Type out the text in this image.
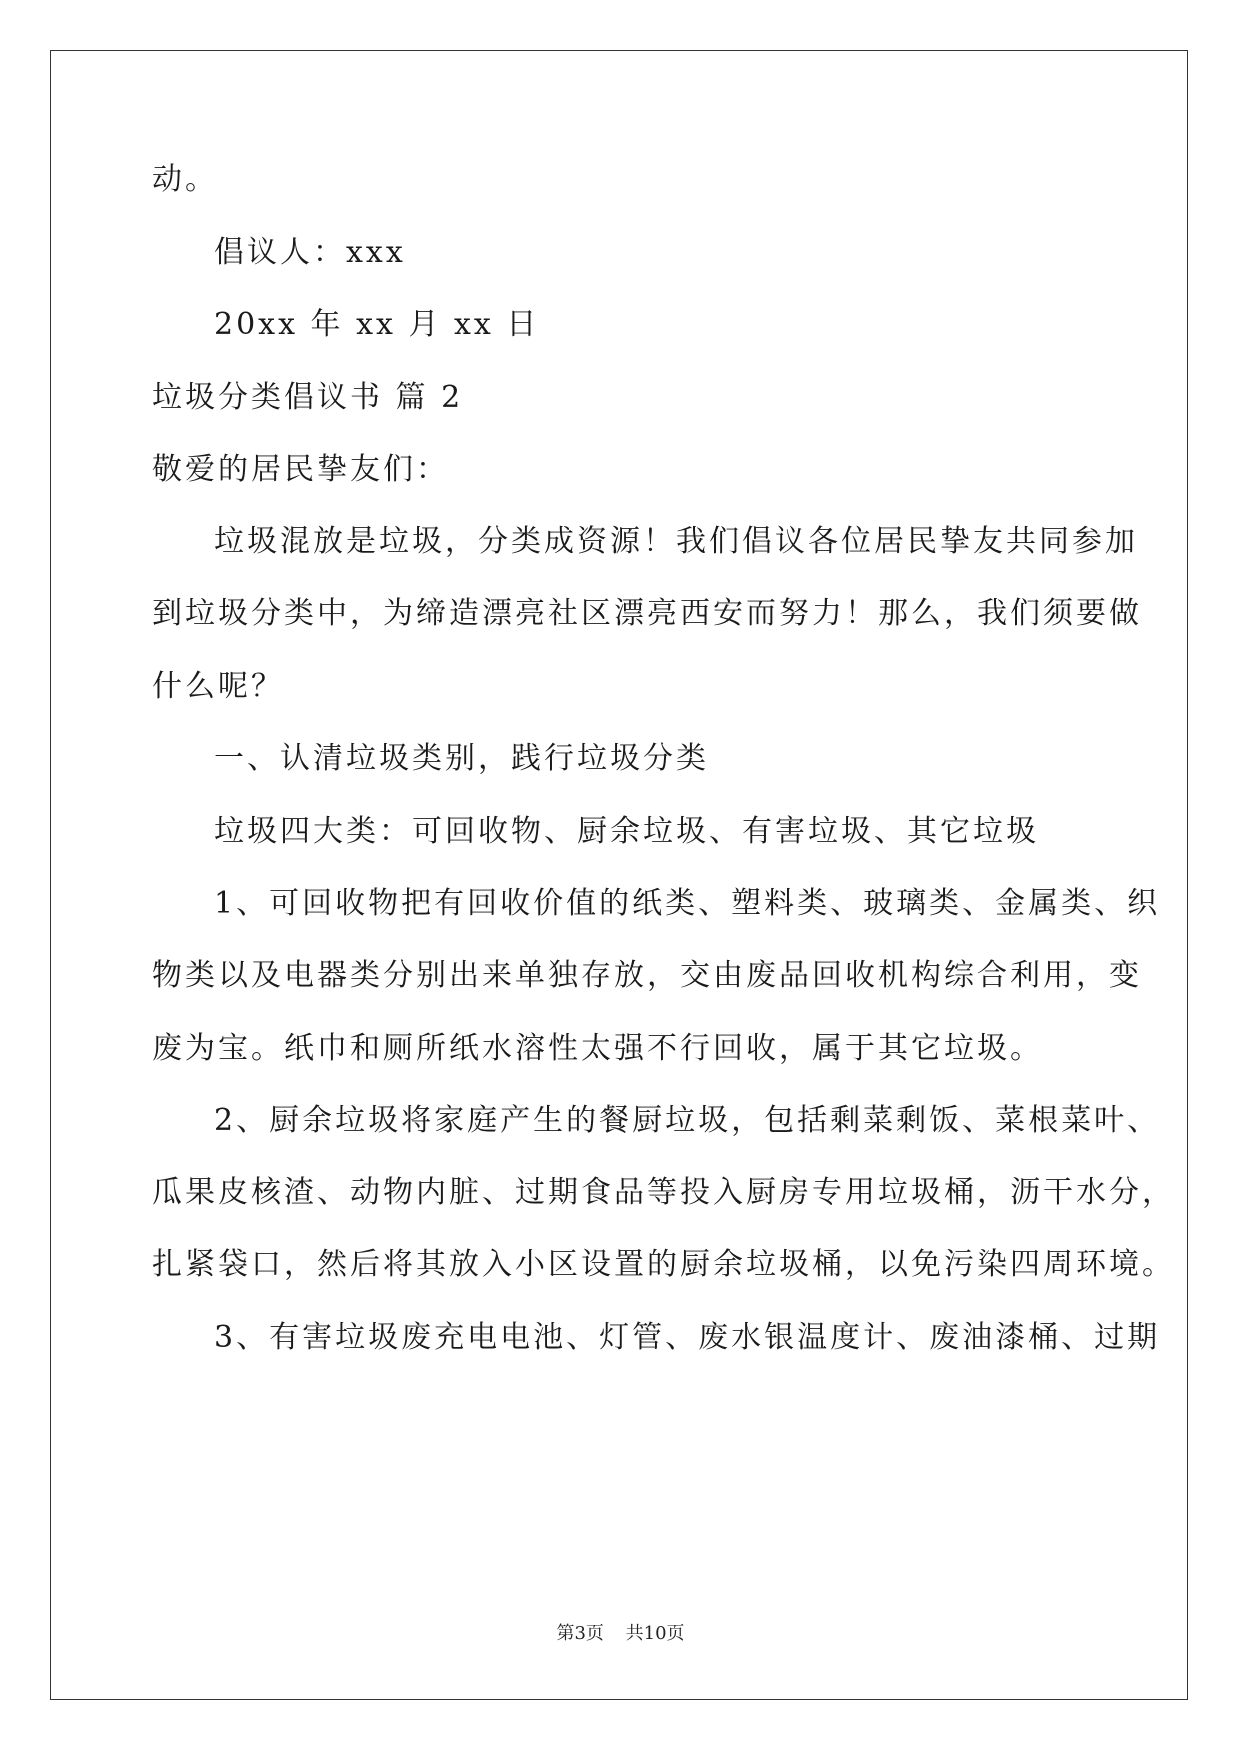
动。
倡议人：xxx
20xx 年 xx 月 xx 日
垃圾分类倡议书 篇 2
敬爱的居民挚友们：
垃圾混放是垃圾，分类成资源！我们倡议各位居民挚友共同参加
到垃圾分类中，为缔造漂亮社区漂亮西安而努力！那么，我们须要做
什么呢？
一、认清垃圾类别，践行垃圾分类
垃圾四大类：可回收物、厨余垃圾、有害垃圾、其它垃圾
1、可回收物把有回收价值的纸类、塑料类、玻璃类、金属类、织
物类以及电器类分别出来单独存放，交由废品回收机构综合利用，变
废为宝。纸巾和厕所纸水溶性太强不行回收，属于其它垃圾。
2、厨余垃圾将家庭产生的餐厨垃圾，包括剩菜剩饭、菜根菜叶、
瓜果皮核渣、动物内脏、过期食品等投入厨房专用垃圾桶，沥干水分，
扎紧袋口，然后将其放入小区设置的厨余垃圾桶，以免污染四周环境。
3、有害垃圾废充电电池、灯管、废水银温度计、废油漆桶、过期
第3页 共10页
